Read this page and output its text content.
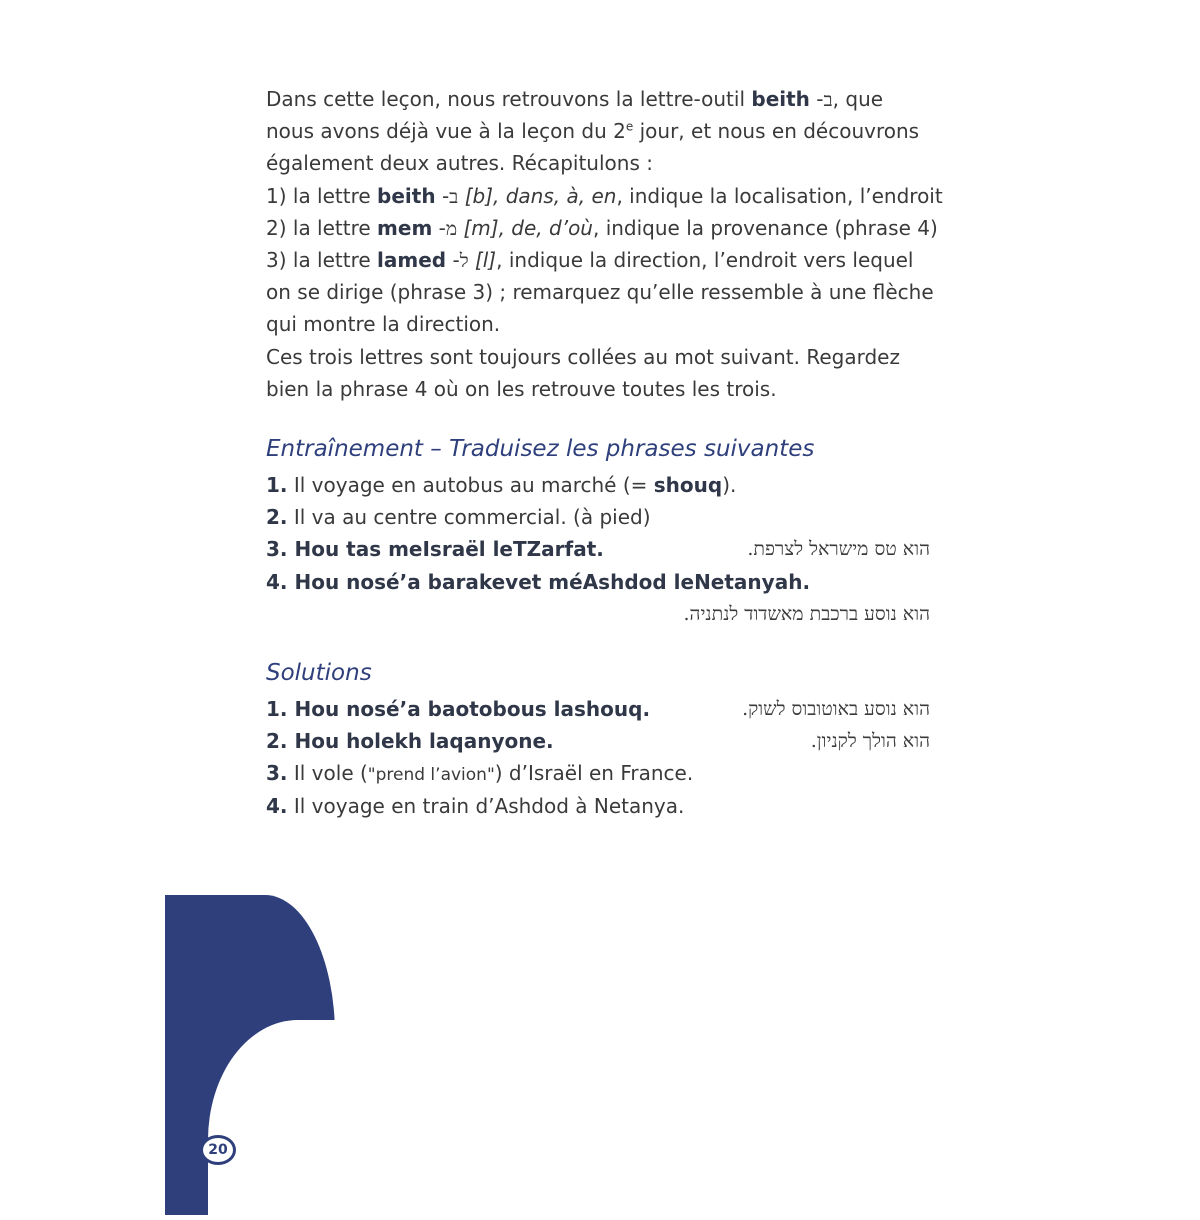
Dans cette leçon, nous retrouvons la lettre-outil beith -ב, que
nous avons déjà vue à la leçon du 2e jour, et nous en découvrons
également deux autres. Récapitulons :
1) la lettre beith -ב [b], dans, à, en, indique la localisation, l’endroit
2) la lettre mem -מ [m], de, d’où, indique la provenance (phrase 4)
3) la lettre lamed -ל [l], indique la direction, l’endroit vers lequel
on se dirige (phrase 3) ; remarquez qu’elle ressemble à une flèche
qui montre la direction.
Ces trois lettres sont toujours collées au mot suivant. Regardez
bien la phrase 4 où on les retrouve toutes les trois.
Entraînement – Traduisez les phrases suivantes
1. Il voyage en autobus au marché (= shouq).
2. Il va au centre commercial. (à pied)
3. Hou tas meIsraël leTZarfat.	הוא טס מישראל לצרפת.
4. Hou nosé’a barakevet méAshdod leNetanyah.
הוא נוסע ברכבת מאשדוד לנתניה.
Solutions
1. Hou nosé’a baotobous lashouq.	הוא נוסע באוטובוס לשוק.
2. Hou holekh laqanyone.	הוא הולך לקניון.
3. Il vole ("prend l’avion") d’Israël en France.
4. Il voyage en train d’Ashdod à Netanya.
20
